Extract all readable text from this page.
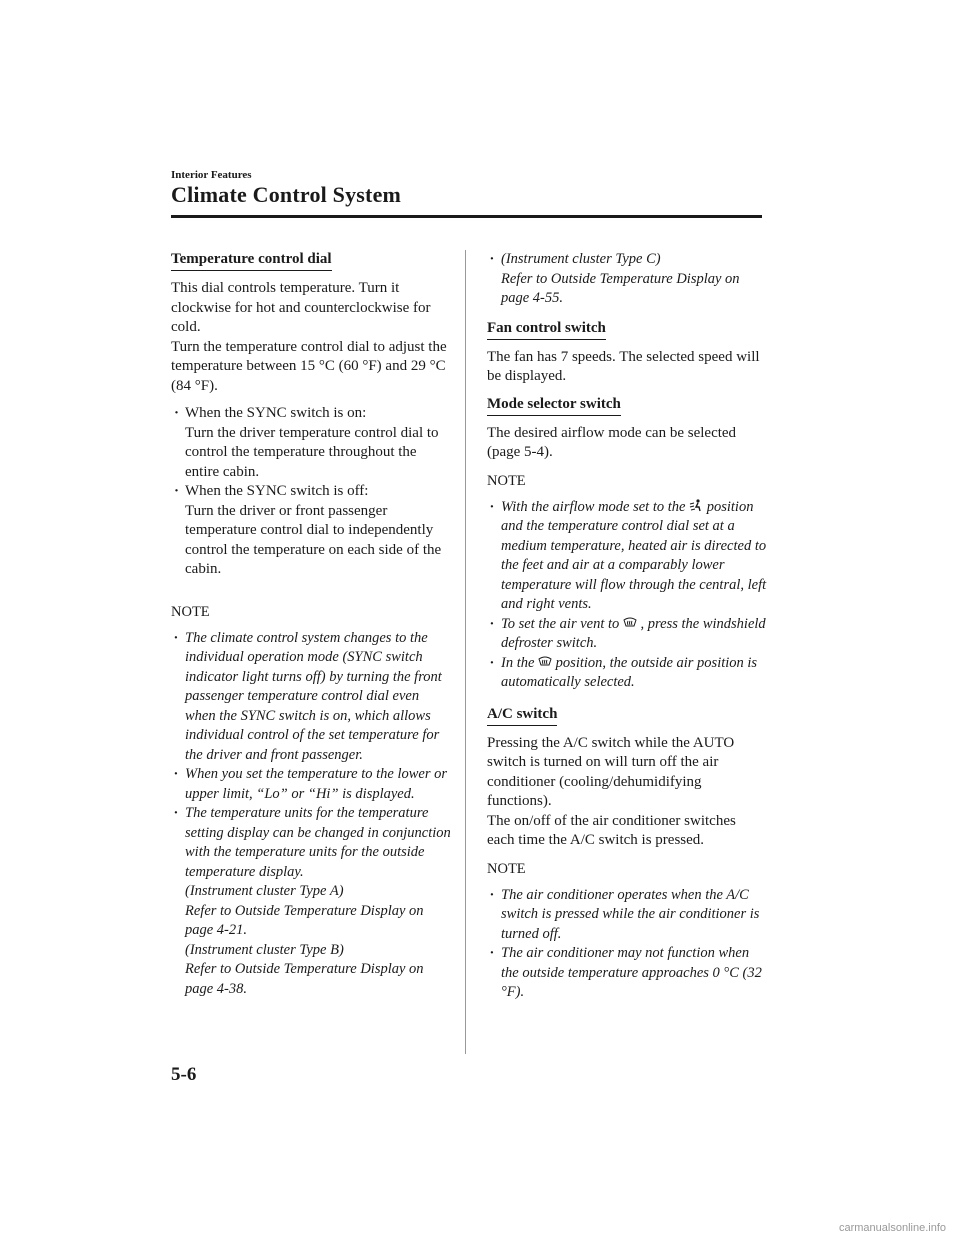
Interior Features
Climate Control System
Temperature control dial

This dial controls temperature. Turn it clockwise for hot and counterclockwise for cold.

Turn the temperature control dial to adjust the temperature between 15 °C (60 °F) and 29 °C (84 °F).

· When the SYNC switch is on:
Turn the driver temperature control dial to control the temperature throughout the entire cabin.
· When the SYNC switch is off:
Turn the driver or front passenger temperature control dial to independently control the temperature on each side of the cabin.
NOTE
· The climate control system changes to the individual operation mode (SYNC switch indicator light turns off) by turning the front passenger temperature control dial even when the SYNC switch is on, which allows individual control of the set temperature for the driver and front passenger.
· When you set the temperature to the lower or upper limit, “Lo” or “Hi” is displayed.
· The temperature units for the temperature setting display can be changed in conjunction with the temperature units for the outside temperature display.
(Instrument cluster Type A)
Refer to Outside Temperature Display on page 4-21.
(Instrument cluster Type B)
Refer to Outside Temperature Display on page 4-38.
· (Instrument cluster Type C)
Refer to Outside Temperature Display on page 4-55.
Fan control switch

The fan has 7 speeds. The selected speed will be displayed.

Mode selector switch

The desired airflow mode can be selected (page 5-4).

NOTE
· With the airflow mode set to the position and the temperature control dial set at a medium temperature, heated air is directed to the feet and air at a comparably lower temperature will flow through the central, left and right vents.
· To set the air vent to , press the windshield defroster switch.
· In the position, the outside air position is automatically selected.
A/C switch

Pressing the A/C switch while the AUTO switch is turned on will turn off the air conditioner (cooling/dehumidifying functions).

The on/off of the air conditioner switches each time the A/C switch is pressed.

NOTE
· The air conditioner operates when the A/C switch is pressed while the air conditioner is turned off.
· The air conditioner may not function when the outside temperature approaches 0 °C (32 °F).
5-6
carmanualsonline.info
